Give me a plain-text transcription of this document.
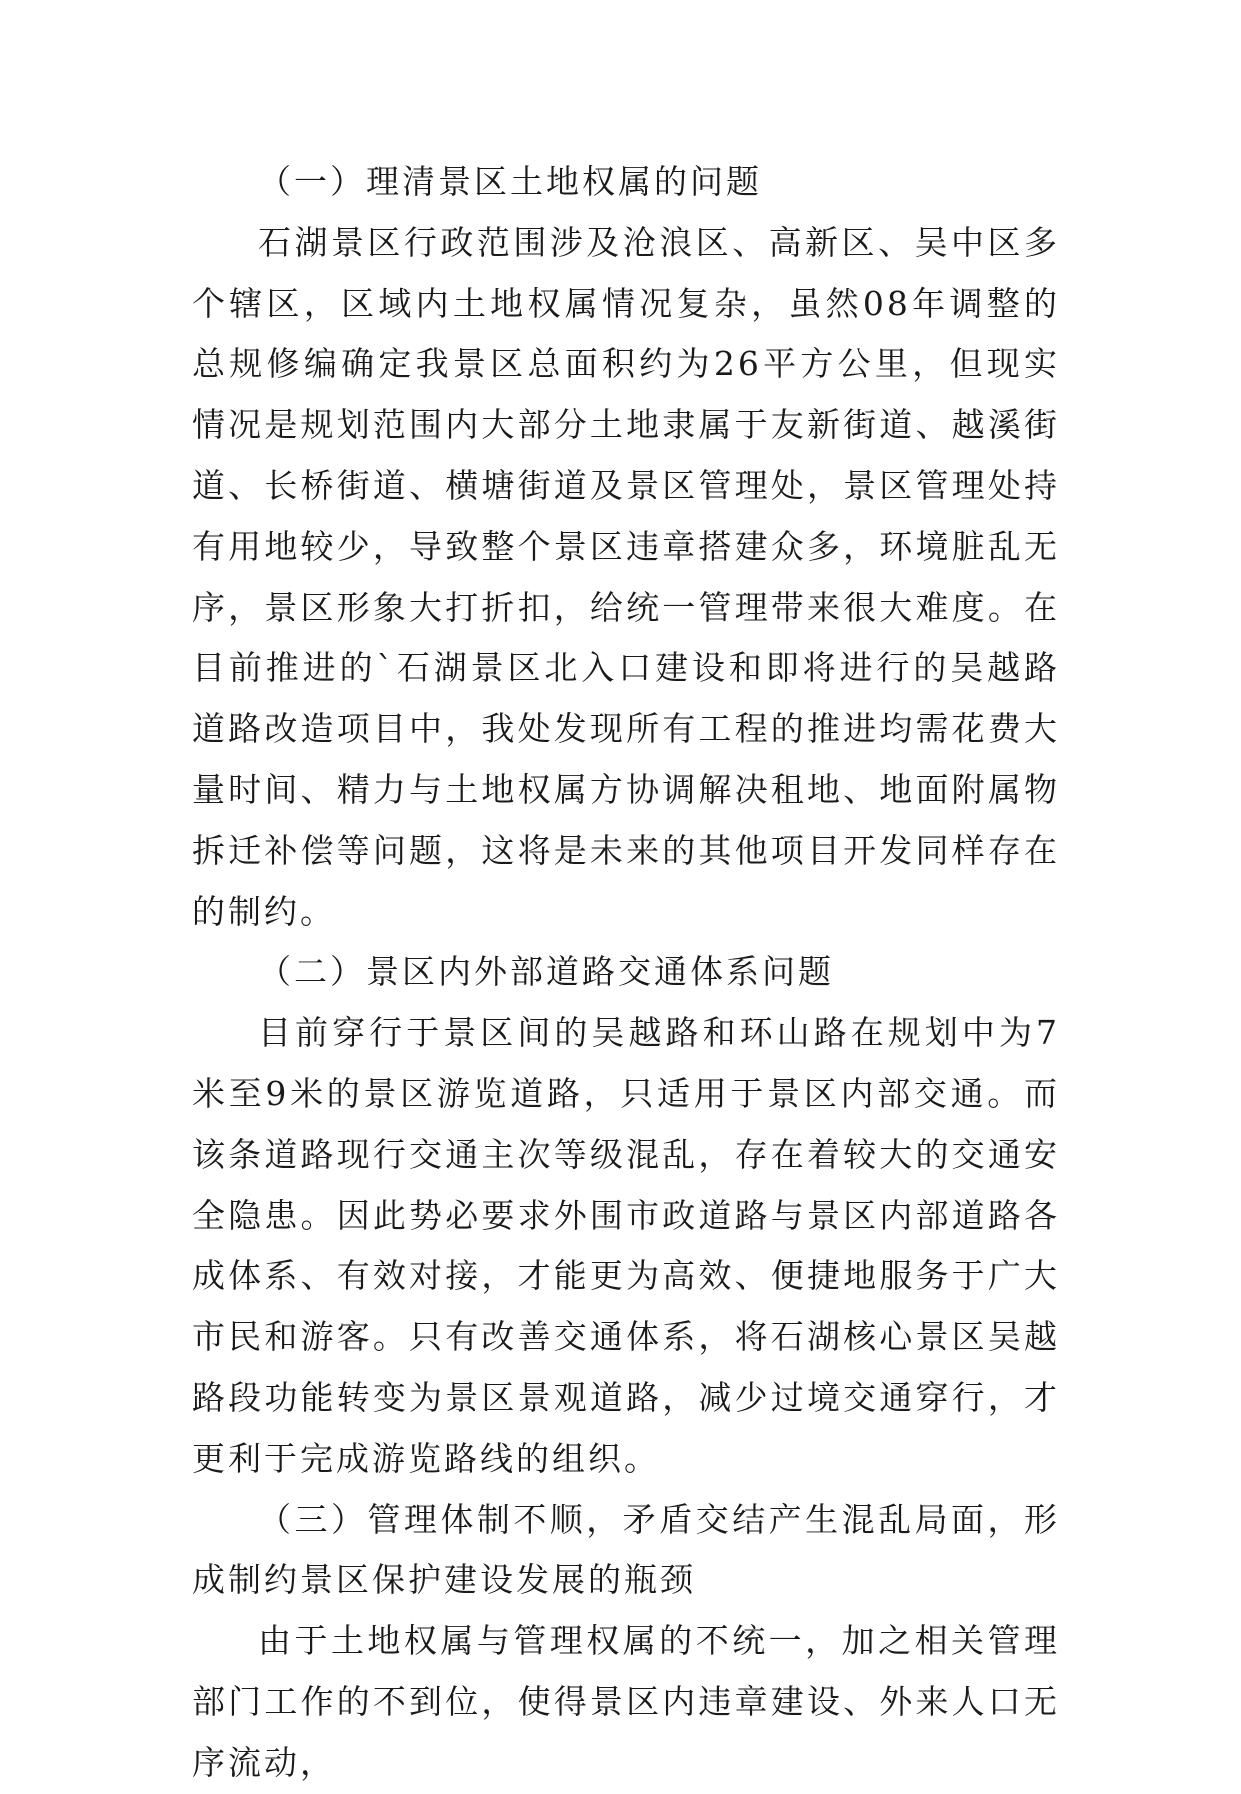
（一）理清景区土地权属的问题

石湖景区行政范围涉及沧浪区、高新区、吴中区多个辖区，区域内土地权属情况复杂，虽然08年调整的总规修编确定我景区总面积约为26平方公里，但现实情况是规划范围内大部分土地隶属于友新街道、越溪街道、长桥街道、横塘街道及景区管理处，景区管理处持有用地较少，导致整个景区违章搭建众多，环境脏乱无序，景区形象大打折扣，给统一管理带来很大难度。在目前推进的`石湖景区北入口建设和即将进行的吴越路道路改造项目中，我处发现所有工程的推进均需花费大量时间、精力与土地权属方协调解决租地、地面附属物拆迁补偿等问题，这将是未来的其他项目开发同样存在的制约。

（二）景区内外部道路交通体系问题

目前穿行于景区间的吴越路和环山路在规划中为7米至9米的景区游览道路，只适用于景区内部交通。而该条道路现行交通主次等级混乱，存在着较大的交通安全隐患。因此势必要求外围市政道路与景区内部道路各成体系、有效对接，才能更为高效、便捷地服务于广大市民和游客。只有改善交通体系，将石湖核心景区吴越路段功能转变为景区景观道路，减少过境交通穿行，才更利于完成游览路线的组织。

（三）管理体制不顺，矛盾交结产生混乱局面，形成制约景区保护建设发展的瓶颈

由于土地权属与管理权属的不统一，加之相关管理部门工作的不到位，使得景区内违章建设、外来人口无序流动，
